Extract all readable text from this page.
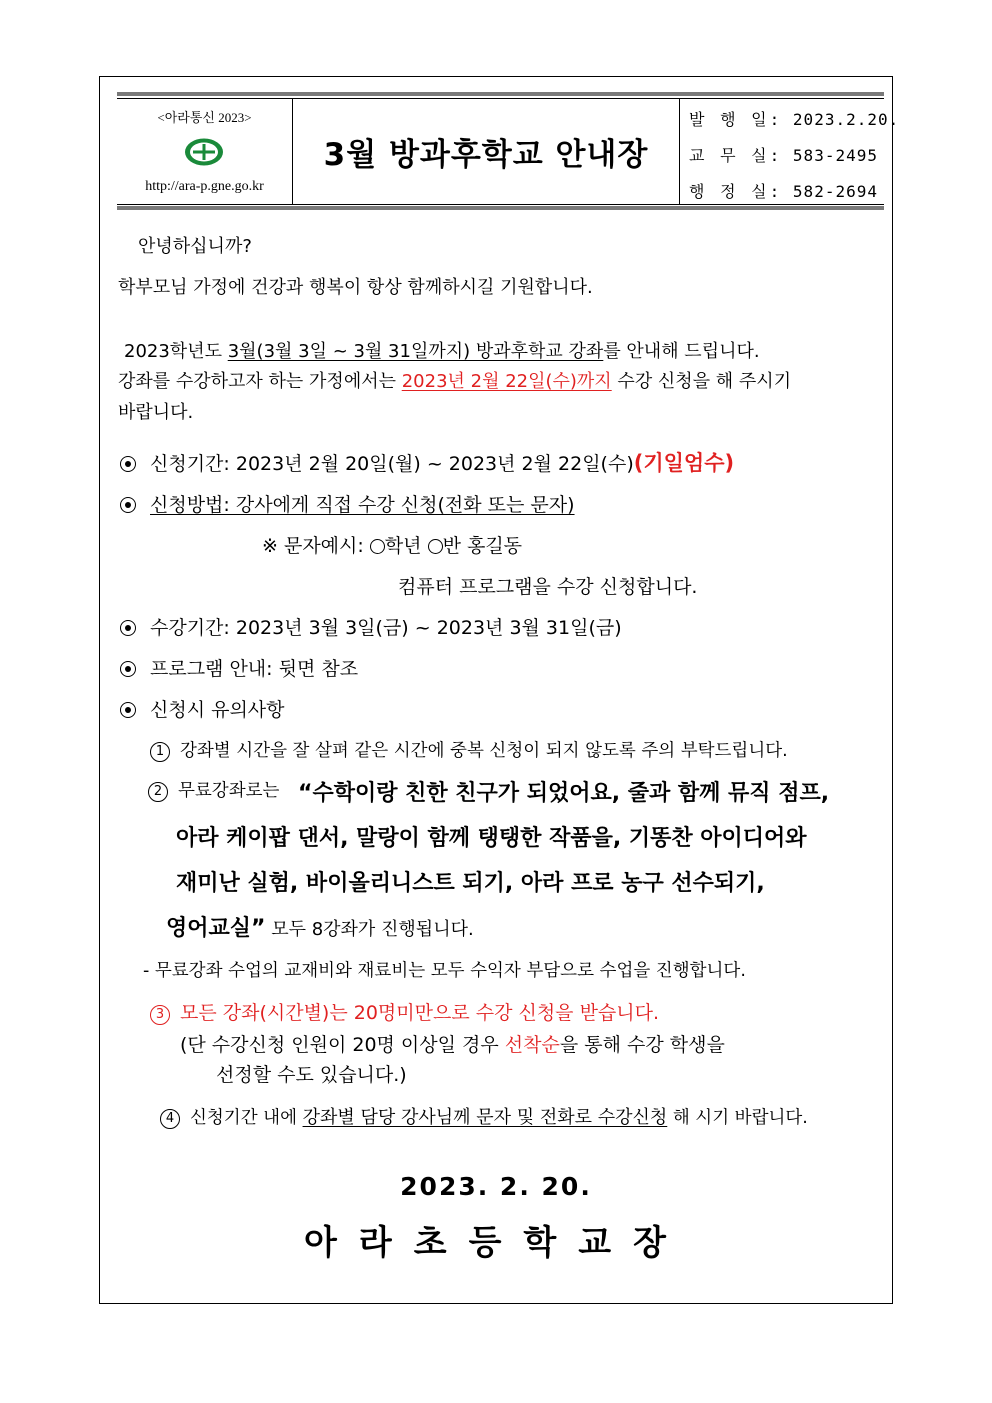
<아라통신 2023>
http://ara-p.gne.go.kr
3월 방과후학교 안내장
발 행 일: 2023.2.20.
교 무 실: 583-2495
행 정 실: 582-2694
안녕하십니까?
학부모님 가정에 건강과 행복이 항상 함께하시길 기원합니다.
2023학년도 3월(3월 3일 ~ 3월 31일까지) 방과후학교 강좌를 안내해 드립니다.
강좌를 수강하고자 하는 가정에서는 2023년 2월 22일(수)까지 수강 신청을 해 주시기
바랍니다.
신청기간: 2023년 2월 20일(월) ~ 2023년 2월 22일(수)(기일엄수)
신청방법: 강사에게 직접 수강 신청(전화 또는 문자)
※ 문자예시: 학년 반 홍길동
컴퓨터 프로그램을 수강 신청합니다.
수강기간: 2023년 3월 3일(금) ~ 2023년 3월 31일(금)
프로그램 안내: 뒷면 참조
신청시 유의사항
1 강좌별 시간을 잘 살펴 같은 시간에 중복 신청이 되지 않도록 주의 부탁드립니다.
2 무료강좌로는 “수학이랑 친한 친구가 되었어요, 줄과 함께 뮤직 점프,
아라 케이팝 댄서, 말랑이 함께 탱탱한 작품을, 기똥찬 아이디어와
재미난 실험, 바이올리니스트 되기, 아라 프로 농구 선수되기,
영어교실” 모두 8강좌가 진행됩니다.
- 무료강좌 수업의 교재비와 재료비는 모두 수익자 부담으로 수업을 진행합니다.
3 모든 강좌(시간별)는 20명미만으로 수강 신청을 받습니다.
(단 수강신청 인원이 20명 이상일 경우 선착순을 통해 수강 학생을
선정할 수도 있습니다.)
4 신청기간 내에 강좌별 담당 강사님께 문자 및 전화로 수강신청 해 시기 바랍니다.
2023. 2. 20.
아라초등학교장
